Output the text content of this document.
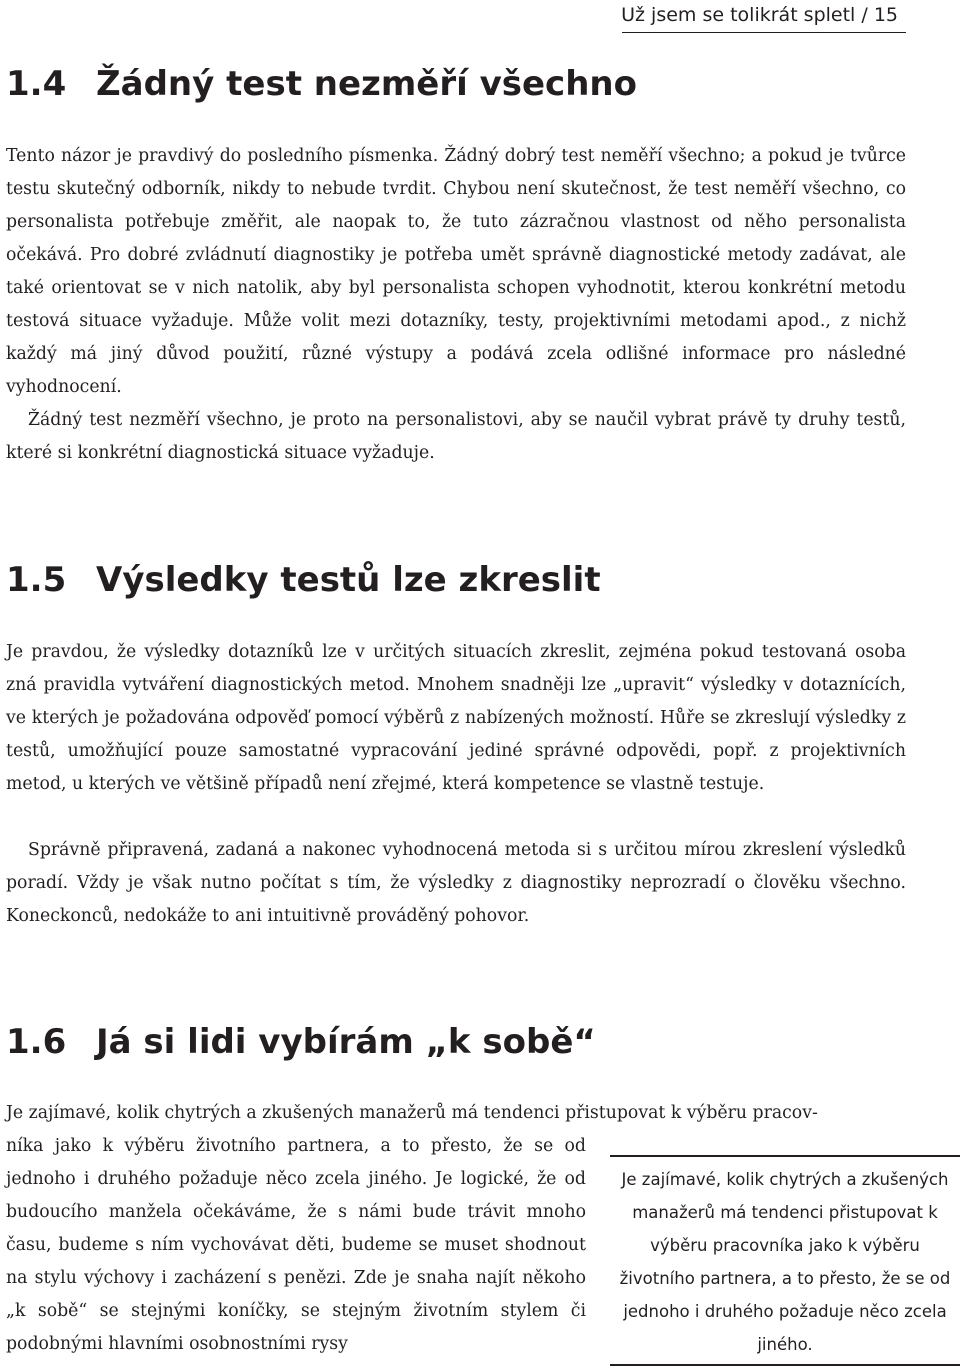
Už jsem se tolikrát spletl / 15
1.4 Žádný test nezměří všechno

Tento názor je pravdivý do posledního písmenka. Žádný dobrý test neměří všechno; a pokud je tvůrce testu skutečný odborník, nikdy to nebude tvrdit. Chybou není skutečnost, že test neměří všechno, co personalista potřebuje změřit, ale naopak to, že tuto zázračnou vlastnost od něho personalista očekává. Pro dobré zvládnutí diagnostiky je potřeba umět správně diagnostické metody zadávat, ale také orientovat se v nich natolik, aby byl personalista schopen vyhodnotit, kterou konkrétní metodu testová situace vyžaduje. Může volit mezi dotazníky, testy, projektivními metodami apod., z nichž každý má jiný důvod použití, různé výstupy a podává zcela odlišné informace pro následné vyhodnocení.

Žádný test nezměří všechno, je proto na personalistovi, aby se naučil vybrat právě ty druhy testů, které si konkrétní diagnostická situace vyžaduje.

1.5 Výsledky testů lze zkreslit

Je pravdou, že výsledky dotazníků lze v určitých situacích zkreslit, zejména pokud testovaná osoba zná pravidla vytváření diagnostických metod. Mnohem snadněji lze „upravit“ výsledky v dotaznících, ve kterých je požadována odpověď pomocí výběrů z nabízených možností. Hůře se zkreslují výsledky z testů, umožňující pouze samostatné vypracování jediné správné odpovědi, popř. z projektivních metod, u kterých ve většině případů není zřejmé, která kompetence se vlastně testuje.

Správně připravená, zadaná a nakonec vyhodnocená metoda si s určitou mírou zkreslení výsledků poradí. Vždy je však nutno počítat s tím, že výsledky z diagnostiky neprozradí o člověku všechno. Koneckonců, nedokáže to ani intuitivně prováděný pohovor.

1.6 Já si lidi vybírám „k sobě“

Je zajímavé, kolik chytrých a zkušených manažerů má tendenci přistupovat k výběru pracov-

níka jako k výběru životního partnera, a to přesto, že se od jednoho i druhého požaduje něco zcela jiného. Je logické, že od budoucího manžela očekáváme, že s námi bude trávit mnoho času, budeme s ním vychovávat děti, budeme se muset shodnout na stylu výchovy i zacházení s penězi. Zde je snaha najít někoho „k sobě“ se stejnými koníčky, se stejným životním stylem či podobnými hlavními osobnostními rysy

Je zajímavé, kolik chytrých a zkušených manažerů má tendenci přistupovat k výběru pracovníka jako k výběru životního partnera, a to přesto, že se od jednoho i druhého požaduje něco zcela jiného.
